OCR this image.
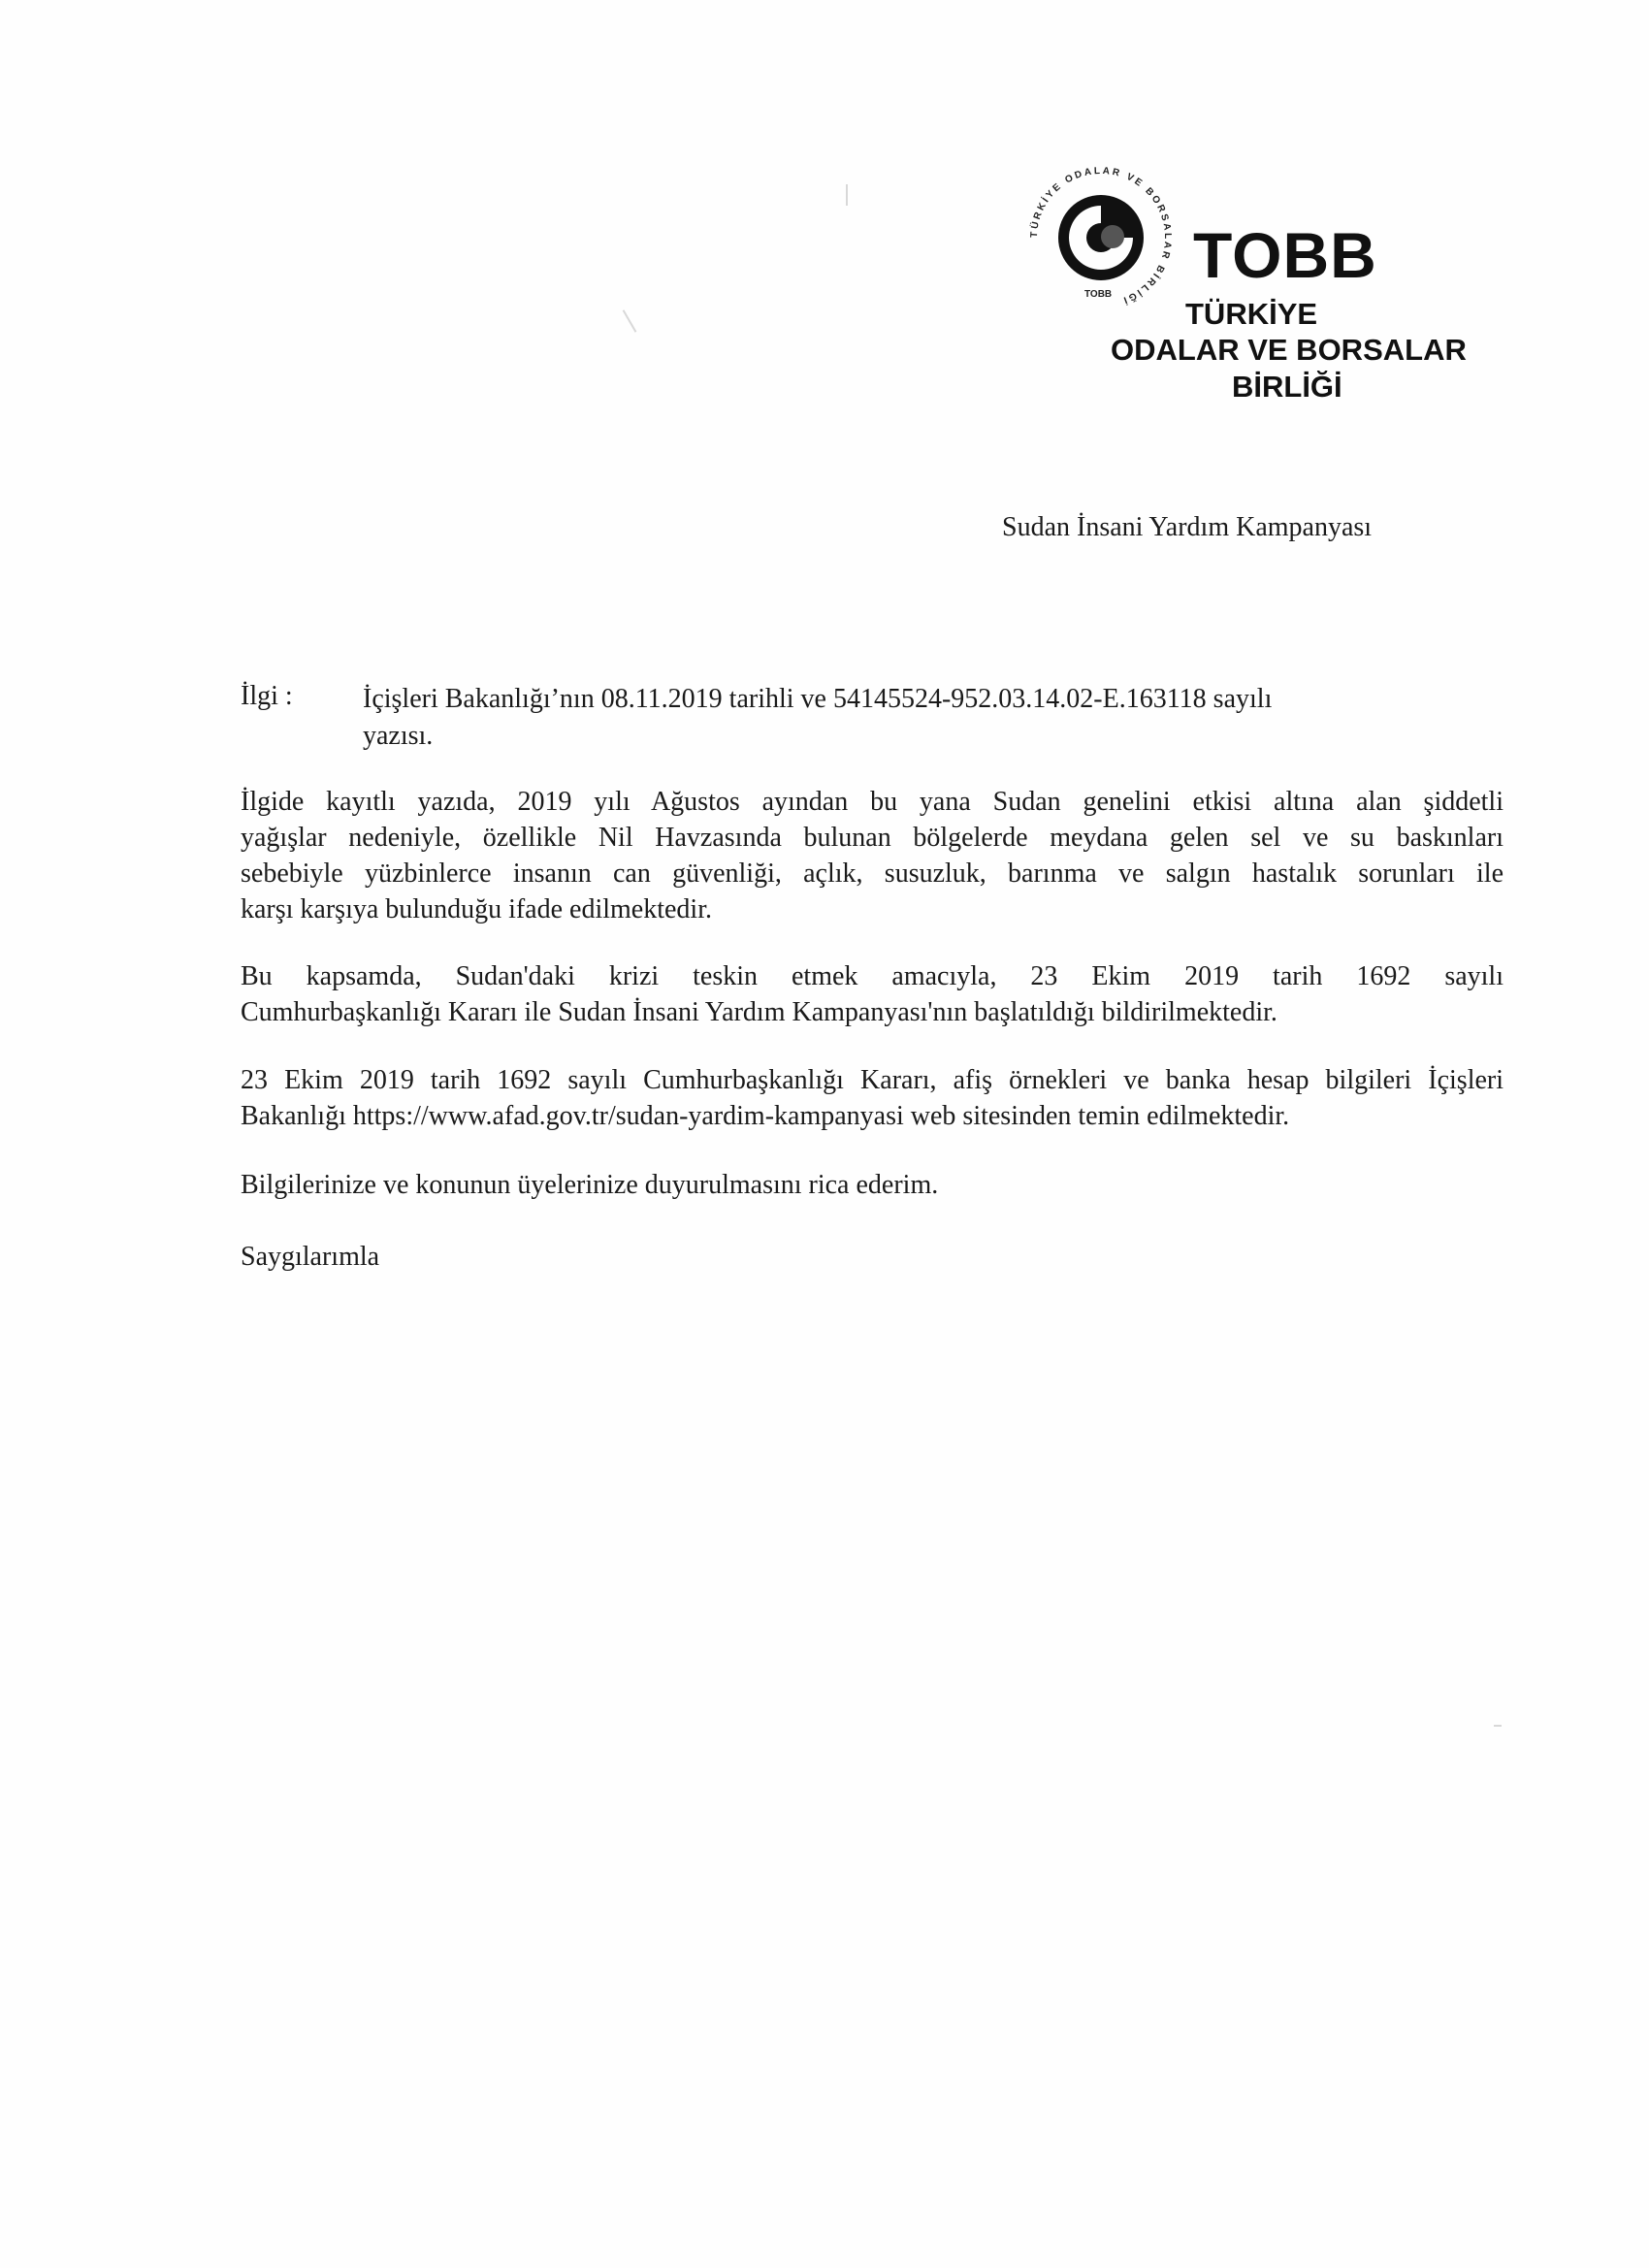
TÜRKİYE ODALAR VE BORSALAR BİRLİĞİ
TOBB
TOBB
TÜRKİYE
ODALAR VE BORSALAR
BİRLİĞİ
Sudan İnsani Yardım Kampanyası
İlgi :	İçişleri Bakanlığı’nın 08.11.2019 tarihli ve 54145524-952.03.14.02-E.163118 sayılı
yazısı.
İlgide kayıtlı yazıda, 2019 yılı Ağustos ayından bu yana Sudan genelini etkisi altına alan şiddetli
yağışlar nedeniyle, özellikle Nil Havzasında bulunan bölgelerde meydana gelen sel ve su baskınları
sebebiyle yüzbinlerce insanın can güvenliği, açlık, susuzluk, barınma ve salgın hastalık sorunları ile
karşı karşıya bulunduğu ifade edilmektedir.
Bu kapsamda, Sudan'daki krizi teskin etmek amacıyla, 23 Ekim 2019 tarih 1692 sayılı
Cumhurbaşkanlığı Kararı ile Sudan İnsani Yardım Kampanyası'nın başlatıldığı bildirilmektedir.
23 Ekim 2019 tarih 1692 sayılı Cumhurbaşkanlığı Kararı, afiş örnekleri ve banka hesap bilgileri İçişleri
Bakanlığı https://www.afad.gov.tr/sudan-yardim-kampanyasi web sitesinden temin edilmektedir.
Bilgilerinize ve konunun üyelerinize duyurulmasını rica ederim.
Saygılarımla
